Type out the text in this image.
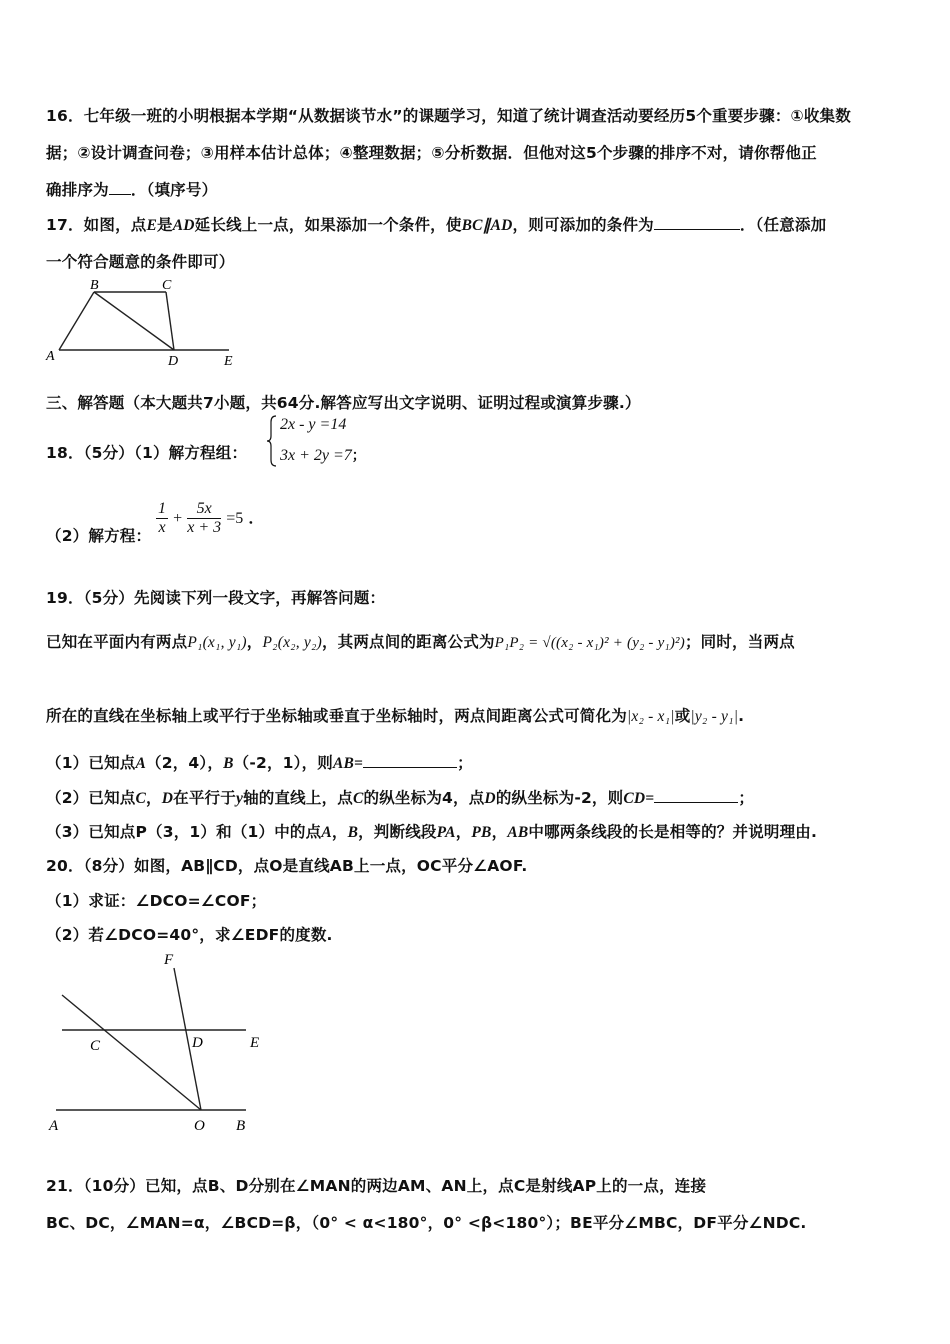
16．七年级一班的小明根据本学期“从数据谈节水”的课题学习，知道了统计调查活动要经历5个重要步骤：①收集数
据；②设计调查问卷；③用样本估计总体；④整理数据；⑤分析数据．但他对这5个步骤的排序不对，请你帮他正
确排序为 ．（填序号）
17．如图，点E是AD延长线上一点，如果添加一个条件，使BC∥AD，则可添加的条件为	．（任意添加
一个符合题意的条件即可）
B	C
A	D	E
三、解答题（本大题共7小题，共64分.解答应写出文字说明、证明过程或演算步骤.）
18．（5分）（1）解方程组：
2x - y =14
3x + 2y =7；
（2）解方程： $\frac{1}{x} + \frac{5x}{x + 3} =5$ ．
19．（5分）先阅读下列一段文字，再解答问题：
已知在平面内有两点P₁(x₁, y₁)，P₂(x₂, y₂)，其两点间的距离公式为P₁P₂ = √((x₂ - x₁)² + (y₂ - y₁)²)；同时，当两点
所在的直线在坐标轴上或平行于坐标轴或垂直于坐标轴时，两点间距离公式可简化为|x₂ - x₁|或|y₂ - y₁|.
（1）已知点A（2，4），B（-2，1），则AB=	；
（2）已知点C，D在平行于y轴的直线上，点C的纵坐标为4，点D的纵坐标为-2，则CD=	；
（3）已知点P（3，1）和（1）中的点A，B，判断线段PA，PB，AB中哪两条线段的长是相等的？并说明理由.
20．（8分）如图，AB∥CD，点O是直线AB上一点，OC平分∠AOF.
（1）求证：∠DCO=∠COF；
（2）若∠DCO=40°，求∠EDF的度数.
F
C	D	E
A	O B
21．（10分）已知，点B、D分别在∠MAN的两边AM、AN上，点C是射线AP上的一点，连接
BC、DC，∠MAN=α，∠BCD=β，（0° < α<180°，0° <β<180°）；BE平分∠MBC，DF平分∠NDC.
